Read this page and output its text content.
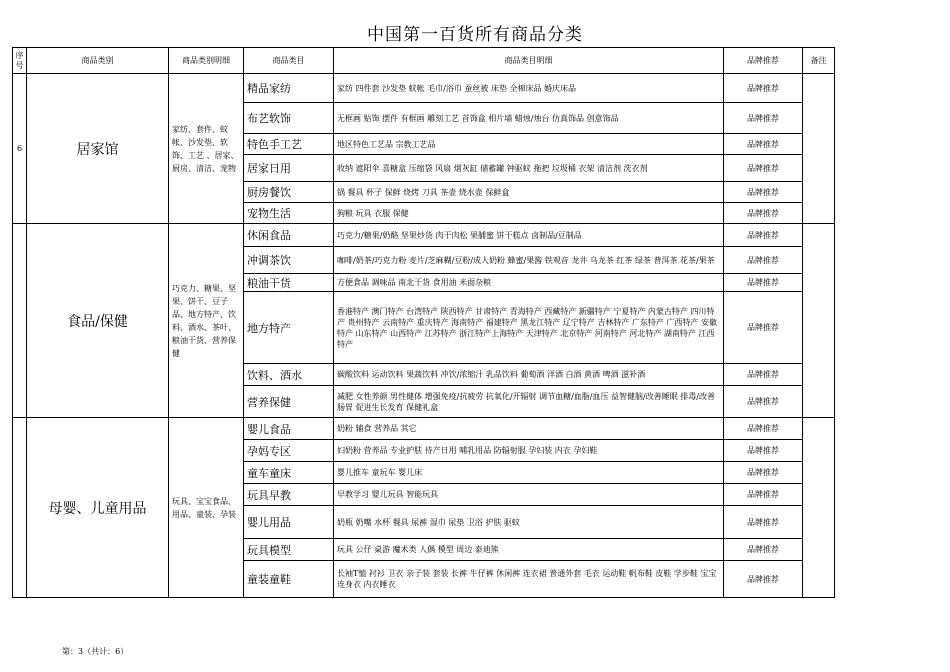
中国第一百货所有商品分类
序号	商品类别	商品类别明细	商品类目	商品类目明细	品牌推荐	备注
6	居家馆	家纺、套件、蚊帐、沙发垫、软饰、工艺 、居家、厨房、清洁、宠物	精品家纺	家纺 四件套 沙发垫 蚊帐 毛巾/浴巾 蚕丝被 床垫 全棉床品 婚庆床品	品牌推荐	
			布艺软饰	无框画 贴饰 摆件 有框画 雕刻工艺 首饰盒 相片墙 蜡烛/烛台 仿真饰品 创意饰品	品牌推荐	
			特色手工艺	地区特色工艺品 宗教工艺品	品牌推荐	
			居家日用	收纳 遮阳伞 喜糖盒 压缩袋 风扇 烟灰缸 储蓄罐 钟驱蚊 拖把 垃圾桶 衣架 清洁剂 洗衣剂	品牌推荐	
			厨房餐饮	锅 餐具 杯子 保鲜 烧烤 刀具 茶壶 烧水壶 保鲜盒	品牌推荐	
			宠物生活	狗粮 玩具 衣服 保健	品牌推荐	
	食品/保健	巧克力、糖果、坚果、饼干、豆子品、地方特产、饮料、酒水、茶叶、粮油干货、营养保健	休闲食品	巧克力/糖果/奶酪 坚果炒货 肉干肉松 果脯蜜 饼干糕点 卤制品/豆制品	品牌推荐	
			冲调茶饮	咖啡/奶茶/巧克力粉 麦片/芝麻糊/豆粉/成人奶粉 蜂蜜/果酱 铁观音 龙井 乌龙茶 红茶 绿茶 普洱茶 花茶/果茶	品牌推荐	
			粮油干货	方便食品 调味品 南北干货 食用油 米面杂粮	品牌推荐	
			地方特产	香港特产 澳门特产 台湾特产 陕西特产 甘肃特产 青海特产 西藏特产 新疆特产 宁夏特产 内蒙古特产 四川特产 贵州特产 云南特产 重庆特产 海南特产 福建特产 黑龙江特产 辽宁特产 吉林特产 广东特产 广西特产 安徽特产 山东特产 山西特产 江苏特产 浙江特产上海特产 天津特产 北京特产 河南特产 河北特产 湖南特产 江西特产	品牌推荐	
			饮料、酒水	碳酸饮料 运动饮料 果蔬饮料 冲饮/浓缩汁 乳品饮料 葡萄酒 洋酒 白酒 黄酒 啤酒 滋补酒	品牌推荐	
			营养保健	减肥 女性养颜 男性健体 增强免疫/抗疲劳 抗氧化/开辐射 调节血糖/血脂/血压 益智健脑/改善睡眠 排毒/改善肠胃 促进生长发育 保健礼盒	品牌推荐	
	母婴、儿童用品	玩具、宝宝食品、用品、童装、孕装	婴儿食品	奶粉 辅食 营养品 其它	品牌推荐	
			孕妈专区	妇奶粉 营养品 专业护肤 待产日用 哺乳用品 防辐射服 孕妇装 内衣 孕妇鞋	品牌推荐	
			童车童床	婴儿推车 童玩车 婴儿床	品牌推荐	
			玩具早教	早教学习 婴儿玩具 智能玩具	品牌推荐	
			婴儿用品	奶瓶 奶嘴 水杯 餐具 尿裤 湿巾 尿垫 卫浴 护肤 驱蚊	品牌推荐	
			玩具模型	玩具 公仔 桌游 魔术类 人偶 模型 周边 泰迪熊	品牌推荐	
			童装童鞋	长袖T恤 衬衫 卫衣 亲子装 套装 长裤 牛仔裤 休闲裤 连衣裙 普通外套 毛衣 运动鞋 帆布鞋 皮鞋 学步鞋 宝宝连身衣 内衣睡衣	品牌推荐	
第：3（共计：6）
